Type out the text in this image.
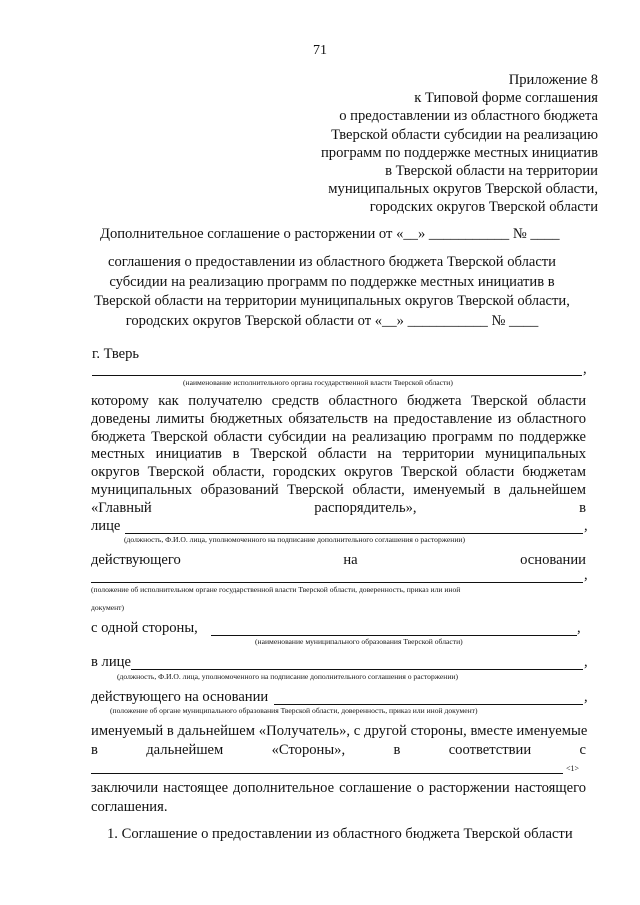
71
Приложение 8
к Типовой форме соглашения
о предоставлении из областного бюджета
Тверской области субсидии на реализацию
программ по поддержке местных инициатив
в Тверской области на территории
муниципальных округов Тверской области,
городских округов Тверской области
Дополнительное соглашение о расторжении от «__» ___________ № ____
соглашения о предоставлении из областного бюджета Тверской области
субсидии на реализацию программ по поддержке местных инициатив в
Тверской области на территории муниципальных округов Тверской области,
городских округов Тверской области от «__» ___________ № ____
г. Тверь
,
(наименование исполнительного органа государственной власти Тверской области)
которому как получателю средств областного бюджета Тверской области
доведены лимиты бюджетных обязательств на предоставление из областного
бюджета Тверской области субсидии на реализацию программ по поддержке
местных инициатив в Тверской области на территории муниципальных
округов Тверской области, городских округов Тверской области бюджетам
муниципальных образований Тверской области, именуемый в дальнейшем
«Главный	распорядитель»,	в
лице	,
(должность, Ф.И.О. лица, уполномоченного на подписание дополнительного соглашения о расторжении)
действующего	на	основании
,
(положение об исполнительном органе государственной власти Тверской области, доверенность, приказ или иной
документ)
с одной стороны,	,
(наименование муниципального образования Тверской области)
в лице	,
(должность, Ф.И.О. лица, уполномоченного на подписание дополнительного соглашения о расторжении)
действующего на основании	,
(положение об органе муниципального образования Тверской области, доверенность, приказ или иной документ)
именуемый в дальнейшем «Получатель», с другой стороны, вместе именуемые
в	дальнейшем	«Стороны»,	в	соответствии	с
<1>
заключили настоящее дополнительное соглашение о расторжении настоящего
соглашения.
1. Соглашение о предоставлении из областного бюджета Тверской области
